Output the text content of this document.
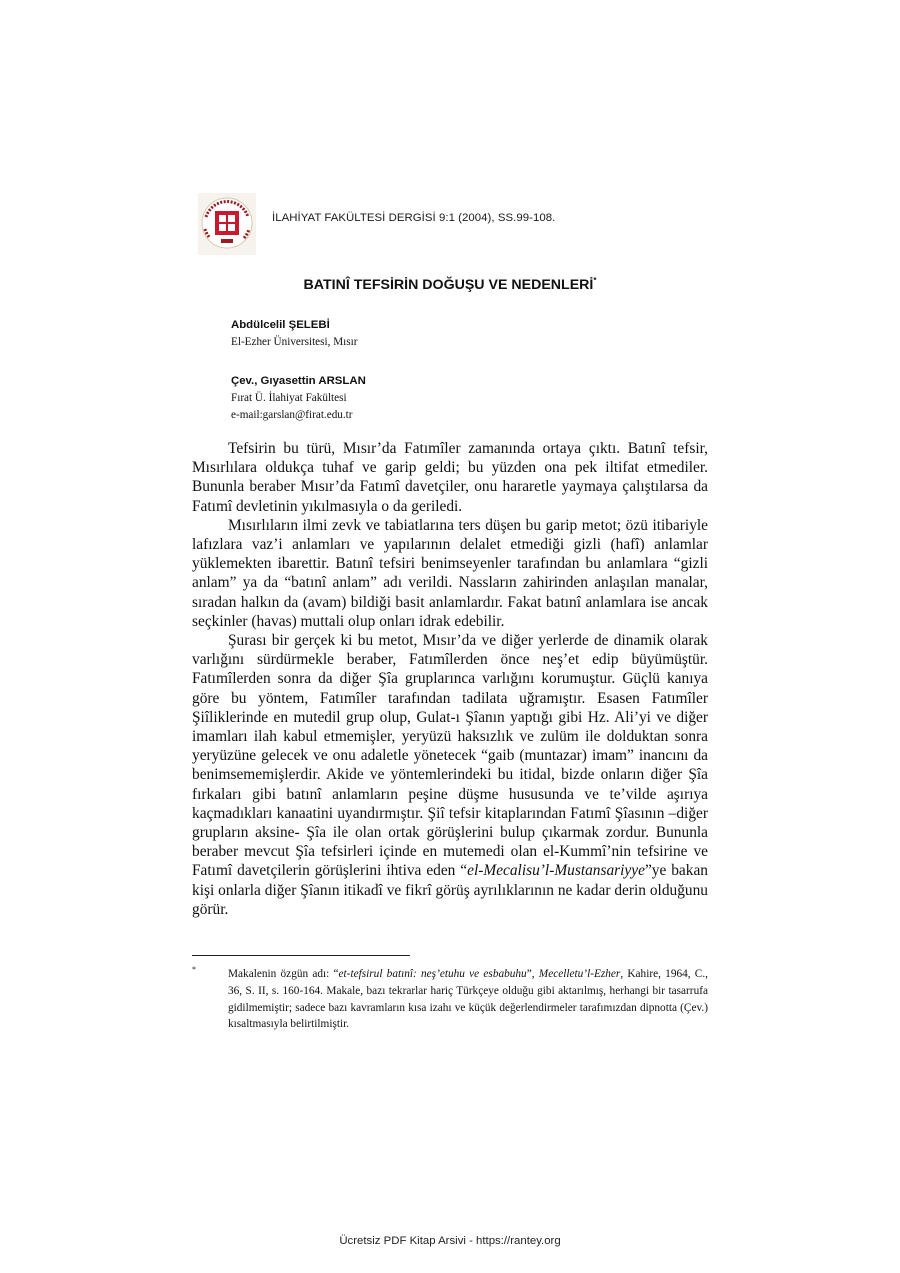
İLAHİYAT FAKÜLTESİ DERGİSİ 9:1 (2004), SS.99-108.
BATINÎ TEFSİRİN DOĞUŞU VE NEDENLERİ*
Abdülcelil ŞELEBİ
El-Ezher Üniversitesi, Mısır
Çev., Gıyasettin ARSLAN
Fırat Ü. İlahiyat Fakültesi
e-mail:garslan@firat.edu.tr

Tefsirin bu türü, Mısır’da Fatımîler zamanında ortaya çıktı. Batınî tefsir, Mısırlılara oldukça tuhaf ve garip geldi; bu yüzden ona pek iltifat etmediler. Bununla beraber Mısır’da Fatımî davetçiler, onu hararetle yaymaya çalıştılarsa da Fatımî devletinin yıkılmasıyla o da geriledi.

Mısırlıların ilmi zevk ve tabiatlarına ters düşen bu garip metot; özü itibariyle lafızlara vaz’i anlamları ve yapılarının delalet etmediği gizli (hafî) anlamlar yüklemekten ibarettir. Batınî tefsiri benimseyenler tarafından bu anlamlara “gizli anlam” ya da “batınî anlam” adı verildi. Nassların zahirinden anlaşılan manalar, sıradan halkın da (avam) bildiği basit anlamlardır. Fakat batınî anlamlara ise ancak seçkinler (havas) muttali olup onları idrak edebilir.

Şurası bir gerçek ki bu metot, Mısır’da ve diğer yerlerde de dinamik olarak varlığını sürdürmekle beraber, Fatımîlerden önce neş’et edip büyümüştür. Fatımîlerden sonra da diğer Şîa gruplarınca varlığını korumuştur. Güçlü kanıya göre bu yöntem, Fatımîler tarafından tadilata uğramıştır. Esasen Fatımîler Şiîliklerinde en mutedil grup olup, Gulat-ı Şîanın yaptığı gibi Hz. Ali’yi ve diğer imamları ilah kabul etmemişler, yeryüzü haksızlık ve zulüm ile dolduktan sonra yeryüzüne gelecek ve onu adaletle yönetecek “gaib (muntazar) imam” inancını da benimsememişlerdir. Akide ve yöntemlerindeki bu itidal, bizde onların diğer Şîa fırkaları gibi batınî anlamların peşine düşme hususunda ve te’vilde aşırıya kaçmadıkları kanaatini uyandırmıştır. Şiî tefsir kitaplarından Fatımî Şîasının –diğer grupların aksine- Şîa ile olan ortak görüşlerini bulup çıkarmak zordur. Bununla beraber mevcut Şîa tefsirleri içinde en mutemedi olan el-Kummî’nin tefsirine ve Fatımî davetçilerin görüşlerini ihtiva eden “el-Mecalisu’l-Mustansariyye”ye bakan kişi onlarla diğer Şîanın itikadî ve fikrî görüş ayrılıklarının ne kadar derin olduğunu görür.

*	Makalenin özgün adı: “et-tefsirul batınî: neş’etuhu ve esbabuhu”, Mecelletu’l-Ezher, Kahire, 1964, C., 36, S. II, s. 160-164. Makale, bazı tekrarlar hariç Türkçeye olduğu gibi aktarılmış, herhangi bir tasarrufa gidilmemiştir; sadece bazı kavramların kısa izahı ve küçük değerlendirmeler tarafımızdan dipnotta (Çev.) kısaltmasıyla belirtilmiştir.
Ücretsiz PDF Kitap Arsivi - https://rantey.org
